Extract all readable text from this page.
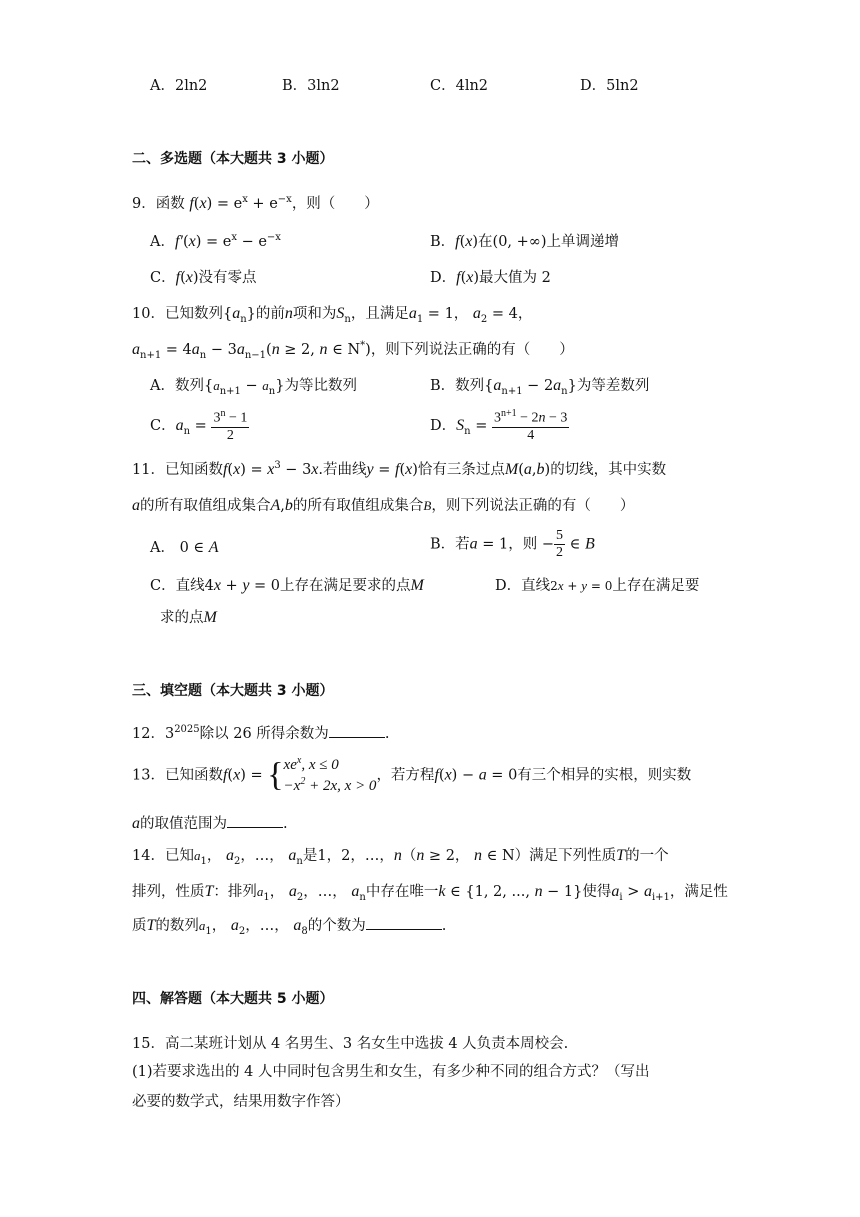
A．2ln2	B．3ln2	C．4ln2	D．5ln2
二、多选题（本大题共 3 小题）
9．函数 $f(x) = e^x + e^{-x}$，则（　　）
A．$f'(x) = e^x - e^{-x}$	B．f(x)在(0, +∞)上单调递增
C．f(x)没有零点	D．f(x)最大值为 2
10．已知数列$\{a_n\}$的前n项和为$S_n$，且满足$a_1 = 1$， $a_2 = 4$，
$a_{n+1} = 4a_n - 3a_{n-1}(n \ge 2$, n ∈ N*)，则下列说法正确的有（　　）
A．数列$\{a_{n+1} - a_n\}$为等比数列	B．数列$\{a_{n+1} - 2a_n\}$为等差数列
C．$a_n = \frac{3^n - 1}{2}$	D．$S_n = \frac{3^{n+1} - 2n - 3}{4}$
11．已知函数$f(x) = x^3 - 3x$.若曲线y = f(x)恰有三条过点M(a,b)的切线，其中实数
a的所有取值组成集合A,b的所有取值组成集合B，则下列说法正确的有（　　）
A． 0 ∈ A	B．若a = 1，则 − $\frac{5}{2}$ ∈ B
C．直线4x + y = 0上存在满足要求的点M	D．直线2x + y = 0上存在满足要
求的点M
三、填空题（本大题共 3 小题）
12．$3^{2025}$除以 26 所得余数为	.
13．已知函数f(x) = { $xe^x$, x ≤ 0
$-x^2 + 2x$, x > 0
，若方程f(x) − a = 0有三个相异的实根，则实数
a的取值范围为	.
14．已知$a_1$， $a_2$，…， $a_n$是1，2，…，n（n ≥ 2， n ∈ N）满足下列性质T的一个
排列，性质T：排列$a_1$， $a_2$，…， $a_n$中存在唯一k ∈ {1, 2, ..., n − 1}使得$a_i > a_{i+1}$，满足性
质T的数列$a_1$， $a_2$，…， $a_8$的个数为	.
四、解答题（本大题共 5 小题）
15．高二某班计划从 4 名男生、3 名女生中选拔 4 人负责本周校会.
(1)若要求选出的 4 人中同时包含男生和女生，有多少种不同的组合方式？（写出
必要的数学式，结果用数字作答）
